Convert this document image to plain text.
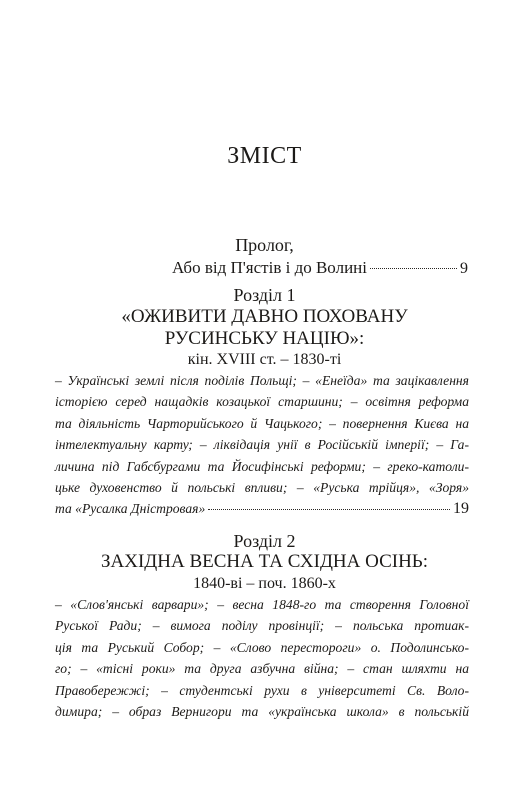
ЗМІСТ
Пролог,
Або від П'ястів і до Волині	9
Розділ 1
«ОЖИВИТИ ДАВНО ПОХОВАНУ
РУСИНСЬКУ НАЦІЮ»:
кін. XVIII ст. – 1830-ті
– Українські землі після поділів Польщі; – «Енеїда» та зацікавлення
історією серед нащадків козацької старшини; – освітня реформа
та діяльність Чарторийського й Чацького; – повернення Києва на
інтелектуальну карту; – ліквідація унії в Російській імперії; – Га-
личина під Габсбургами та Йосифінські реформи; – греко-католи-
цьке духовенство й польські впливи; – «Руська трійця», «Зоря»
та «Русалка Дністровая»	19
Розділ 2
ЗАХІДНА ВЕСНА ТА СХІДНА ОСІНЬ:
1840-ві – поч. 1860-х
– «Слов'янські варвари»; – весна 1848-го та створення Головної
Руської Ради; – вимога поділу провінції; – польська протиак-
ція та Руський Собор; – «Слово перестороги» о. Подолинсько-
го; – «тісні роки» та друга азбучна війна; – стан шляхти на
Правобережжі; – студентські рухи в університеті Св. Воло-
димира; – образ Вернигори та «українська школа» в польській
